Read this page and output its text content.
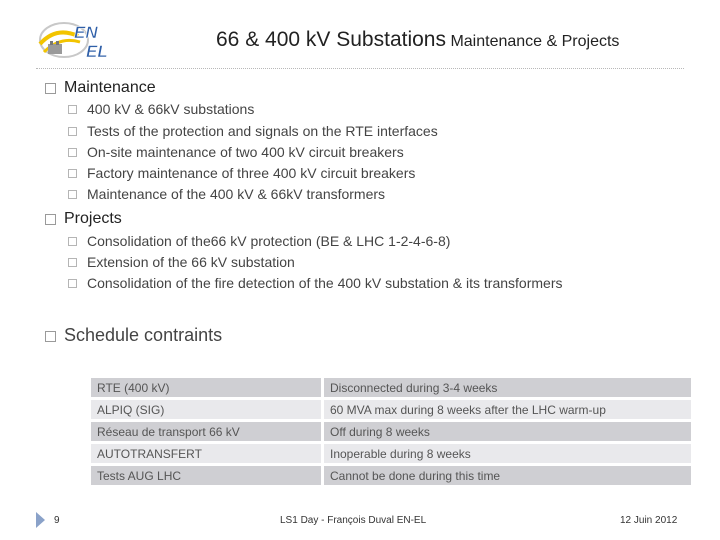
EN
EL
66 & 400 kV Substations Maintenance & Projects
Maintenance
400 kV & 66kV substations
Tests of the protection and signals on the RTE interfaces
On-site maintenance of two 400 kV circuit breakers
Factory maintenance of three 400 kV circuit breakers
Maintenance of the 400 kV & 66kV transformers
Projects
Consolidation of the66 kV protection (BE & LHC 1-2-4-6-8)
Extension of the 66 kV substation
Consolidation of the fire detection of the 400 kV substation & its transformers
Schedule contraints
RTE (400 kV)	Disconnected during 3-4 weeks
ALPIQ (SIG)	60 MVA max during 8 weeks after the LHC warm-up
Réseau de transport 66 kV	Off during 8 weeks
AUTOTRANSFERT	Inoperable during 8 weeks
Tests AUG LHC	Cannot be done during this time
9	LS1 Day - François Duval EN-EL	12 Juin 2012
